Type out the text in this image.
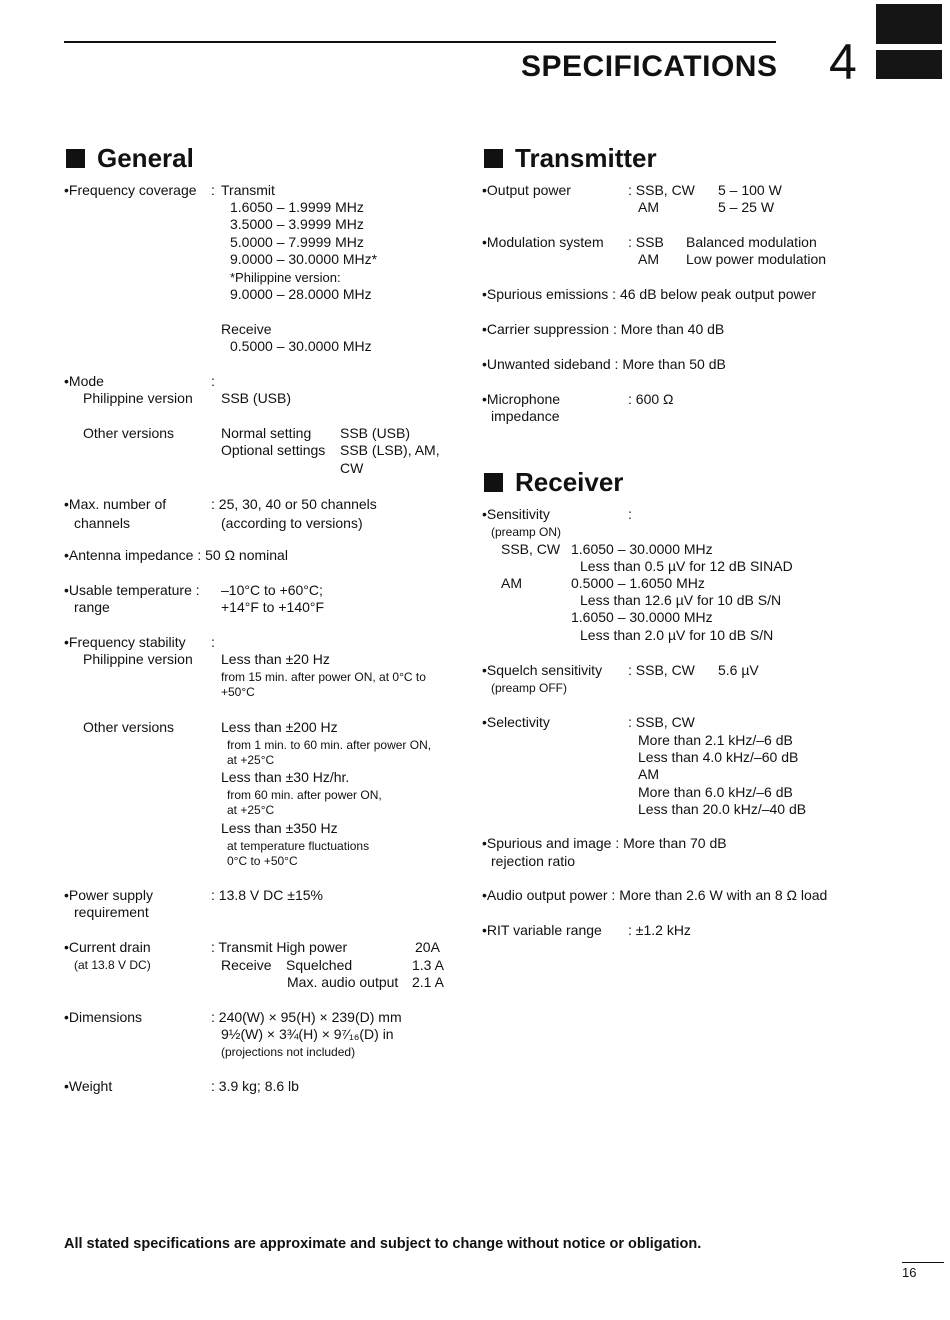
SPECIFICATIONS 4
General
•Frequency coverage : Transmit
1.6050 – 1.9999 MHz
3.5000 – 3.9999 MHz
5.0000 – 7.9999 MHz
9.0000 – 30.0000 MHz*
*Philippine version:
9.0000 – 28.0000 MHz
Receive
0.5000 – 30.0000 MHz
•Mode	:
Philippine version SSB (USB)
Other versions	Normal setting SSB (USB)
Optional settings SSB (LSB), AM,
CW
•Max. number of
channels
: 25, 30, 40 or 50 channels
(according to versions)
•Antenna impedance : 50 Ω nominal
•Usable temperature :
range
–10°C to +60°C;
+14°F to +140°F
•Frequency stability :
Philippine version Less than ±20 Hz
from 15 min. after power ON, at 0°C to
+50°C
Other versions	Less than ±200 Hz
from 1 min. to 60 min. after power ON,
at +25°C
Less than ±30 Hz/hr.
from 60 min. after power ON,
at +25°C
Less than ±350 Hz
at temperature fluctuations
0°C to +50°C
•Power supply
requirement
: 13.8 V DC ±15%
•Current drain
(at 13.8 V DC)
: Transmit High power	20A
Receive Squelched	1.3 A
Max. audio output 2.1 A
•Dimensions	: 240(W) × 95(H) × 239(D) mm
9½(W) × 3¾(H) × 9⁷⁄₁₆(D) in
(projections not included)
•Weight	: 3.9 kg; 8.6 lb
Transmitter
•Output power	: SSB, CW 5 – 100 W
AM	5 – 25 W
•Modulation system : SSB Balanced modulation
AM Low power modulation
•Spurious emissions : 46 dB below peak output power
•Carrier suppression : More than 40 dB
•Unwanted sideband : More than 50 dB
•Microphone
impedance
: 600 Ω
Receiver
•Sensitivity	:
(preamp ON)
SSB, CW 1.6050 – 30.0000 MHz
Less than 0.5 µV for 12 dB SINAD
AM	0.5000 – 1.6050 MHz
Less than 12.6 µV for 10 dB S/N
1.6050 – 30.0000 MHz
Less than 2.0 µV for 10 dB S/N
•Squelch sensitivity : SSB, CW 5.6 µV
(preamp OFF)
•Selectivity	: SSB, CW
More than 2.1 kHz/–6 dB
Less than 4.0 kHz/–60 dB
AM
More than 6.0 kHz/–6 dB
Less than 20.0 kHz/–40 dB
•Spurious and image : More than 70 dB
rejection ratio
•Audio output power : More than 2.6 W with an 8 Ω load
•RIT variable range : ±1.2 kHz
All stated specifications are approximate and subject to change without notice or obligation.
16
